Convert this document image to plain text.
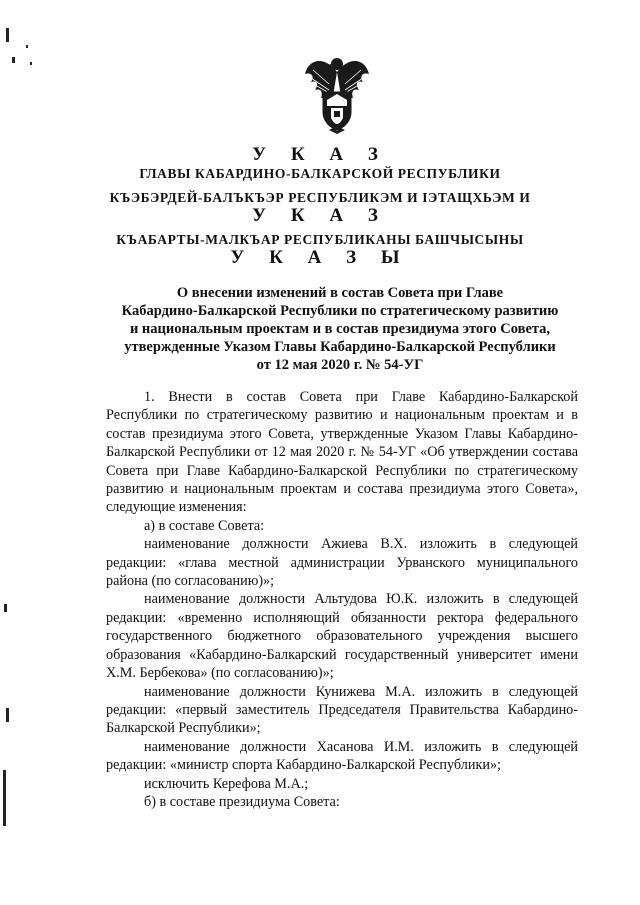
У К А З
ГЛАВЫ КАБАРДИНО-БАЛКАРСКОЙ РЕСПУБЛИКИ
КЪЭБЭРДЕЙ-БАЛЪКЪЭР РЕСПУБЛИКЭМ И IЭТАЩХЬЭМ И
У К А З
КЪАБАРТЫ-МАЛКЪАР РЕСПУБЛИКАНЫ БАШЧЫСЫНЫ
У К А З Ы
О внесении изменений в состав Совета при Главе
Кабардино-Балкарской Республики по стратегическому развитию
и национальным проектам и в состав президиума этого Совета,
утвержденные Указом Главы Кабардино-Балкарской Республики
от 12 мая 2020 г. № 54-УГ

1. Внести в состав Совета при Главе Кабардино-Балкарской Республики по стратегическому развитию и национальным проектам и в состав президиума этого Совета, утвержденные Указом Главы Кабардино-Балкарской Республики от 12 мая 2020 г. № 54-УГ «Об утверждении состава Совета при Главе Кабардино-Балкарской Республики по стратегическому развитию и национальным проектам и состава президиума этого Совета», следующие изменения:

а) в составе Совета:

наименование должности Ажиева В.Х. изложить в следующей редакции: «глава местной администрации Урванского муниципального района (по согласованию)»;

наименование должности Альтудова Ю.К. изложить в следующей редакции: «временно исполняющий обязанности ректора федерального государственного бюджетного образовательного учреждения высшего образования «Кабардино-Балкарский государственный университет имени Х.М. Бербекова» (по согласованию)»;

наименование должности Кунижева М.А. изложить в следующей редакции: «первый заместитель Председателя Правительства Кабардино-Балкарской Республики»;

наименование должности Хасанова И.М. изложить в следующей редакции: «министр спорта Кабардино-Балкарской Республики»;

исключить Керефова М.А.;

б) в составе президиума Совета:
